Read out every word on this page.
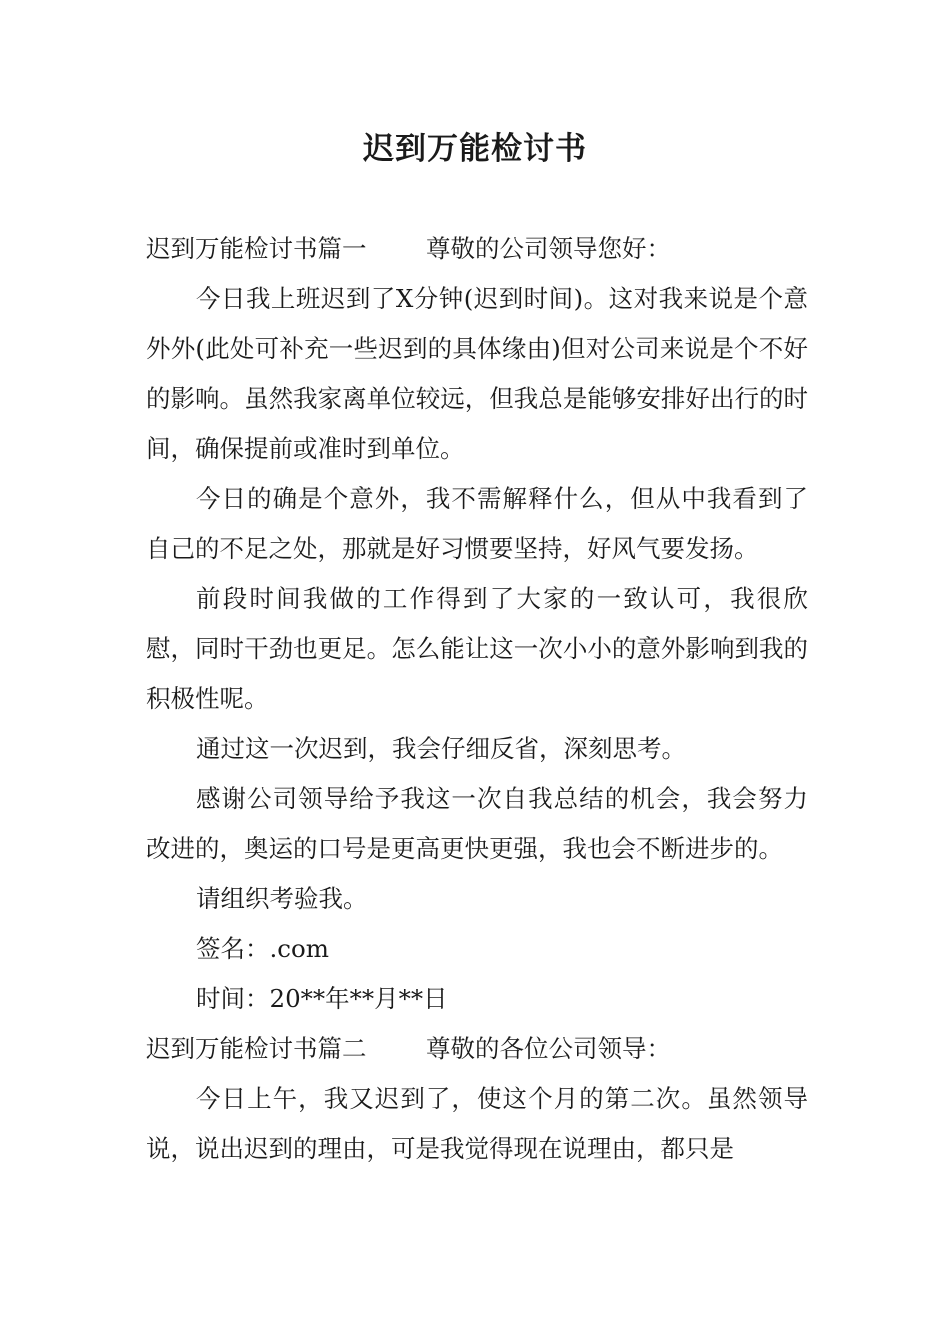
迟到万能检讨书

迟到万能检讨书篇一 尊敬的公司领导您好：

今日我上班迟到了X分钟(迟到时间)。这对我来说是个意外外(此处可补充一些迟到的具体缘由)但对公司来说是个不好的影响。虽然我家离单位较远，但我总是能够安排好出行的时间，确保提前或准时到单位。

今日的确是个意外，我不需解释什么，但从中我看到了自己的不足之处，那就是好习惯要坚持，好风气要发扬。

前段时间我做的工作得到了大家的一致认可，我很欣慰，同时干劲也更足。怎么能让这一次小小的意外影响到我的积极性呢。

通过这一次迟到，我会仔细反省，深刻思考。

感谢公司领导给予我这一次自我总结的机会，我会努力改进的，奥运的口号是更高更快更强，我也会不断进步的。

请组织考验我。

签名：.com

时间：20**年**月**日

迟到万能检讨书篇二 尊敬的各位公司领导：

今日上午，我又迟到了，使这个月的第二次。虽然领导说，说出迟到的理由，可是我觉得现在说理由，都只是
